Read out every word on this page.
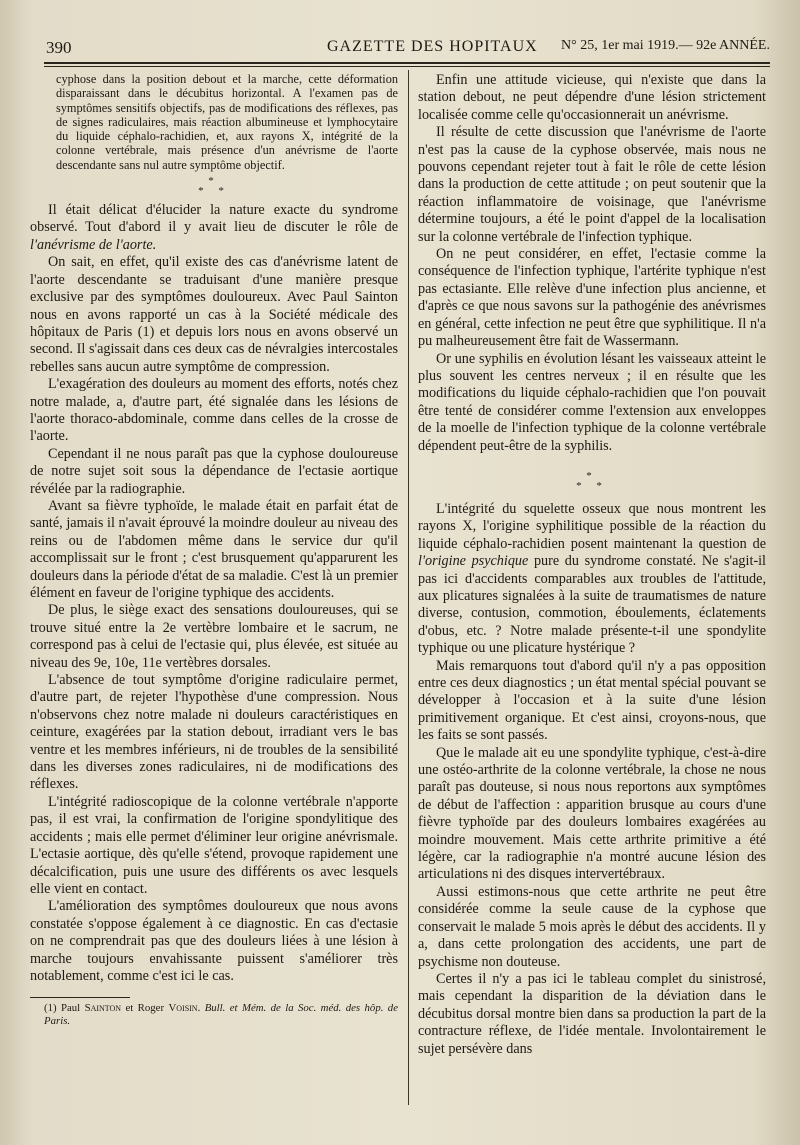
390	GAZETTE DES HOPITAUX N° 25, 1er mai 1919.— 92e ANNÉE.

cyphose dans la position debout et la marche, cette déformation disparaissant dans le décubitus horizontal. A l'examen pas de symptômes sensitifs objectifs, pas de modifications des réflexes, pas de signes radiculaires, mais réaction albumineuse et lymphocytaire du liquide céphalo-rachidien, et, aux rayons X, intégrité de la colonne vertébrale, mais présence d'un anévrisme de l'aorte descendante sans nul autre symptôme objectif.

*
* *

Il était délicat d'élucider la nature exacte du syndrome observé. Tout d'abord il y avait lieu de discuter le rôle de l'anévrisme de l'aorte.

On sait, en effet, qu'il existe des cas d'anévrisme latent de l'aorte descendante se traduisant d'une manière presque exclusive par des symptômes douloureux. Avec Paul Sainton nous en avons rapporté un cas à la Société médicale des hôpitaux de Paris (1) et depuis lors nous en avons observé un second. Il s'agissait dans ces deux cas de névralgies intercostales rebelles sans aucun autre symptôme de compression.

L'exagération des douleurs au moment des efforts, notés chez notre malade, a, d'autre part, été signalée dans les lésions de l'aorte thoraco-abdominale, comme dans celles de la crosse de l'aorte.

Cependant il ne nous paraît pas que la cyphose douloureuse de notre sujet soit sous la dépendance de l'ectasie aortique révélée par la radiographie.

Avant sa fièvre typhoïde, le malade était en parfait état de santé, jamais il n'avait éprouvé la moindre douleur au niveau des reins ou de l'abdomen même dans le service dur qu'il accomplissait sur le front ; c'est brusquement qu'apparurent les douleurs dans la période d'état de sa maladie. C'est là un premier élément en faveur de l'origine typhique des accidents.

De plus, le siège exact des sensations douloureuses, qui se trouve situé entre la 2e vertèbre lombaire et le sacrum, ne correspond pas à celui de l'ectasie qui, plus élevée, est située au niveau des 9e, 10e, 11e vertèbres dorsales.

L'absence de tout symptôme d'origine radiculaire permet, d'autre part, de rejeter l'hypothèse d'une compression. Nous n'observons chez notre malade ni douleurs caractéristiques en ceinture, exagérées par la station debout, irradiant vers le bas ventre et les membres inférieurs, ni de troubles de la sensibilité dans les diverses zones radiculaires, ni de modifications des réflexes.

L'intégrité radioscopique de la colonne vertébrale n'apporte pas, il est vrai, la confirmation de l'origine spondylitique des accidents ; mais elle permet d'éliminer leur origine anévrismale. L'ectasie aortique, dès qu'elle s'étend, provoque rapidement une décalcification, puis une usure des différents os avec lesquels elle vient en contact.

L'amélioration des symptômes douloureux que nous avons constatée s'oppose également à ce diagnostic. En cas d'ectasie on ne comprendrait pas que des douleurs liées à une lésion à marche toujours envahissante puissent s'améliorer très notablement, comme c'est ici le cas.

(1) Paul Sainton et Roger Voisin. Bull. et Mém. de la Soc. méd. des hôp. de Paris.

Enfin une attitude vicieuse, qui n'existe que dans la station debout, ne peut dépendre d'une lésion strictement localisée comme celle qu'occasionnerait un anévrisme.

Il résulte de cette discussion que l'anévrisme de l'aorte n'est pas la cause de la cyphose observée, mais nous ne pouvons cependant rejeter tout à fait le rôle de cette lésion dans la production de cette attitude ; on peut soutenir que la réaction inflammatoire de voisinage, que l'anévrisme détermine toujours, a été le point d'appel de la localisation sur la colonne vertébrale de l'infection typhique.

On ne peut considérer, en effet, l'ectasie comme la conséquence de l'infection typhique, l'artérite typhique n'est pas ectasiante. Elle relève d'une infection plus ancienne, et d'après ce que nous savons sur la pathogénie des anévrismes en général, cette infection ne peut être que syphilitique. Il n'a pu malheureusement être fait de Wassermann.

Or une syphilis en évolution lésant les vaisseaux atteint le plus souvent les centres nerveux ; il en résulte que les modifications du liquide céphalo-rachidien que l'on pouvait être tenté de considérer comme l'extension aux enveloppes de la moelle de l'infection typhique de la colonne vertébrale dépendent peut-être de la syphilis.

*
* *

L'intégrité du squelette osseux que nous montrent les rayons X, l'origine syphilitique possible de la réaction du liquide céphalo-rachidien posent maintenant la question de l'origine psychique pure du syndrome constaté. Ne s'agit-il pas ici d'accidents comparables aux troubles de l'attitude, aux plicatures signalées à la suite de traumatismes de nature diverse, contusion, commotion, éboulements, éclatements d'obus, etc. ? Notre malade présente-t-il une spondylite typhique ou une plicature hystérique ?

Mais remarquons tout d'abord qu'il n'y a pas opposition entre ces deux diagnostics ; un état mental spécial pouvant se développer à l'occasion et à la suite d'une lésion primitivement organique. Et c'est ainsi, croyons-nous, que les faits se sont passés.

Que le malade ait eu une spondylite typhique, c'est-à-dire une ostéo-arthrite de la colonne vertébrale, la chose ne nous paraît pas douteuse, si nous nous reportons aux symptômes de début de l'affection : apparition brusque au cours d'une fièvre typhoïde par des douleurs lombaires exagérées au moindre mouvement. Mais cette arthrite primitive a été légère, car la radiographie n'a montré aucune lésion des articulations ni des disques intervertébraux.

Aussi estimons-nous que cette arthrite ne peut être considérée comme la seule cause de la cyphose que conservait le malade 5 mois après le début des accidents. Il y a, dans cette prolongation des accidents, une part de psychisme non douteuse.

Certes il n'y a pas ici le tableau complet du sinistrosé, mais cependant la disparition de la déviation dans le décubitus dorsal montre bien dans sa production la part de la contracture réflexe, de l'idée mentale. Involontairement le sujet persévère dans
